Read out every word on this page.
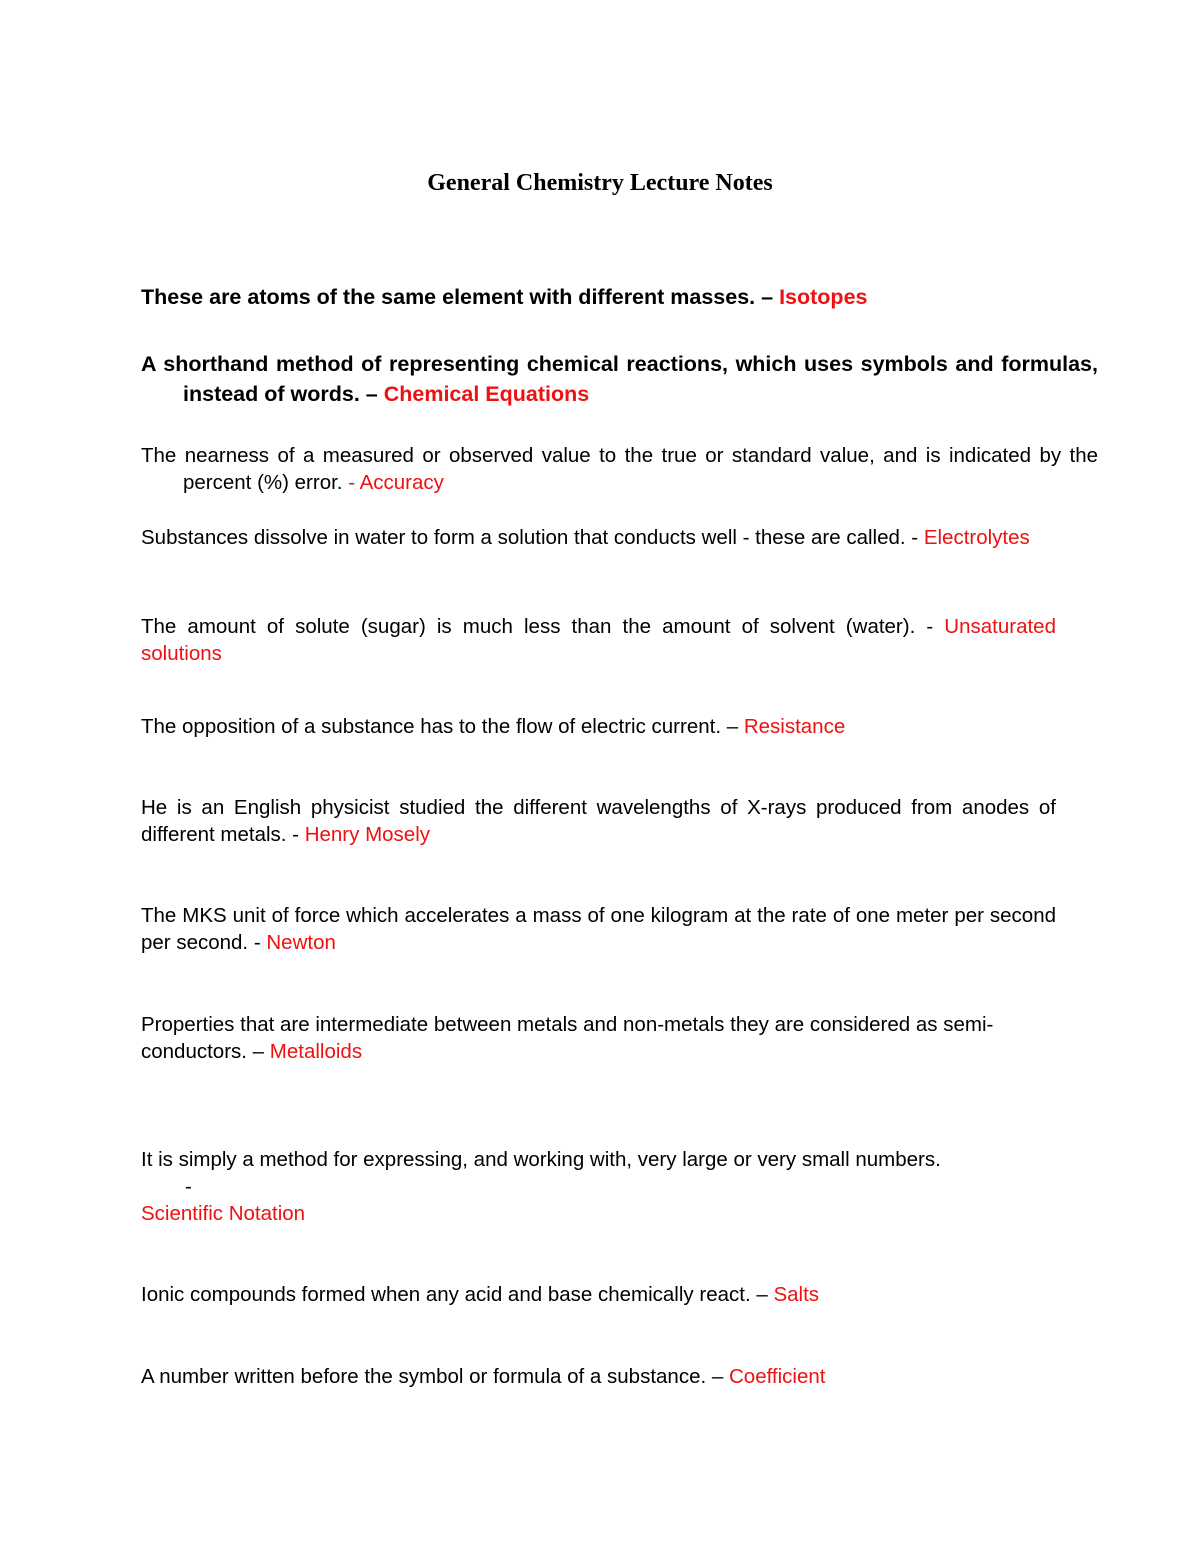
General Chemistry Lecture Notes

These are atoms of the same element with different masses. – Isotopes

A shorthand method of representing chemical reactions, which uses symbols and formulas, instead of words. – Chemical Equations

The nearness of a measured or observed value to the true or standard value, and is indicated by the percent (%) error. - Accuracy

Substances dissolve in water to form a solution that conducts well - these are called. - Electrolytes

The amount of solute (sugar) is much less than the amount of solvent (water). - Unsaturated solutions

The opposition of a substance has to the flow of electric current. – Resistance

He is an English physicist studied the different wavelengths of X-rays produced from anodes of different metals. - Henry Mosely

The MKS unit of force which accelerates a mass of one kilogram at the rate of one meter per second per second. - Newton

Properties that are intermediate between metals and non-metals they are considered as semi-
conductors. – Metalloids

It is simply a method for expressing, and working with, very large or very small numbers.
-
Scientific Notation

Ionic compounds formed when any acid and base chemically react. – Salts

A number written before the symbol or formula of a substance. – Coefficient
